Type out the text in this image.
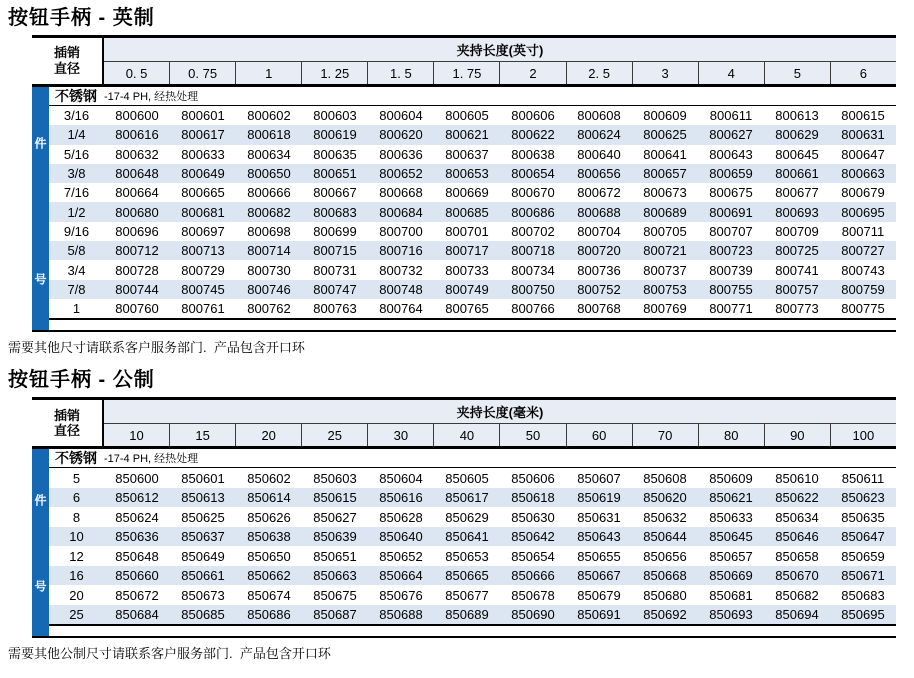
按钮手柄 - 英制
插销
直径
夹持长度(英寸)
0. 5	0. 75	1	1. 25	1. 5	1. 75	2	2. 5	3	4	5	6
件
号
不锈钢 -17-4 PH, 经热处理
3/16	800600	800601	800602	800603	800604	800605	800606	800608	800609	800611	800613	800615
1/4	800616	800617	800618	800619	800620	800621	800622	800624	800625	800627	800629	800631
5/16	800632	800633	800634	800635	800636	800637	800638	800640	800641	800643	800645	800647
3/8	800648	800649	800650	800651	800652	800653	800654	800656	800657	800659	800661	800663
7/16	800664	800665	800666	800667	800668	800669	800670	800672	800673	800675	800677	800679
1/2	800680	800681	800682	800683	800684	800685	800686	800688	800689	800691	800693	800695
9/16	800696	800697	800698	800699	800700	800701	800702	800704	800705	800707	800709	800711
5/8	800712	800713	800714	800715	800716	800717	800718	800720	800721	800723	800725	800727
3/4	800728	800729	800730	800731	800732	800733	800734	800736	800737	800739	800741	800743
7/8	800744	800745	800746	800747	800748	800749	800750	800752	800753	800755	800757	800759
1	800760	800761	800762	800763	800764	800765	800766	800768	800769	800771	800773	800775

需要其他尺寸请联系客户服务部门.  产品包含开口环

按钮手柄 - 公制
插销
直径
夹持长度(毫米)
10	15	20	25	30	40	50	60	70	80	90	100
件
号
不锈钢 -17-4 PH, 经热处理
5	850600	850601	850602	850603	850604	850605	850606	850607	850608	850609	850610	850611
6	850612	850613	850614	850615	850616	850617	850618	850619	850620	850621	850622	850623
8	850624	850625	850626	850627	850628	850629	850630	850631	850632	850633	850634	850635
10	850636	850637	850638	850639	850640	850641	850642	850643	850644	850645	850646	850647
12	850648	850649	850650	850651	850652	850653	850654	850655	850656	850657	850658	850659
16	850660	850661	850662	850663	850664	850665	850666	850667	850668	850669	850670	850671
20	850672	850673	850674	850675	850676	850677	850678	850679	850680	850681	850682	850683
25	850684	850685	850686	850687	850688	850689	850690	850691	850692	850693	850694	850695

需要其他公制尺寸请联系客户服务部门.  产品包含开口环
